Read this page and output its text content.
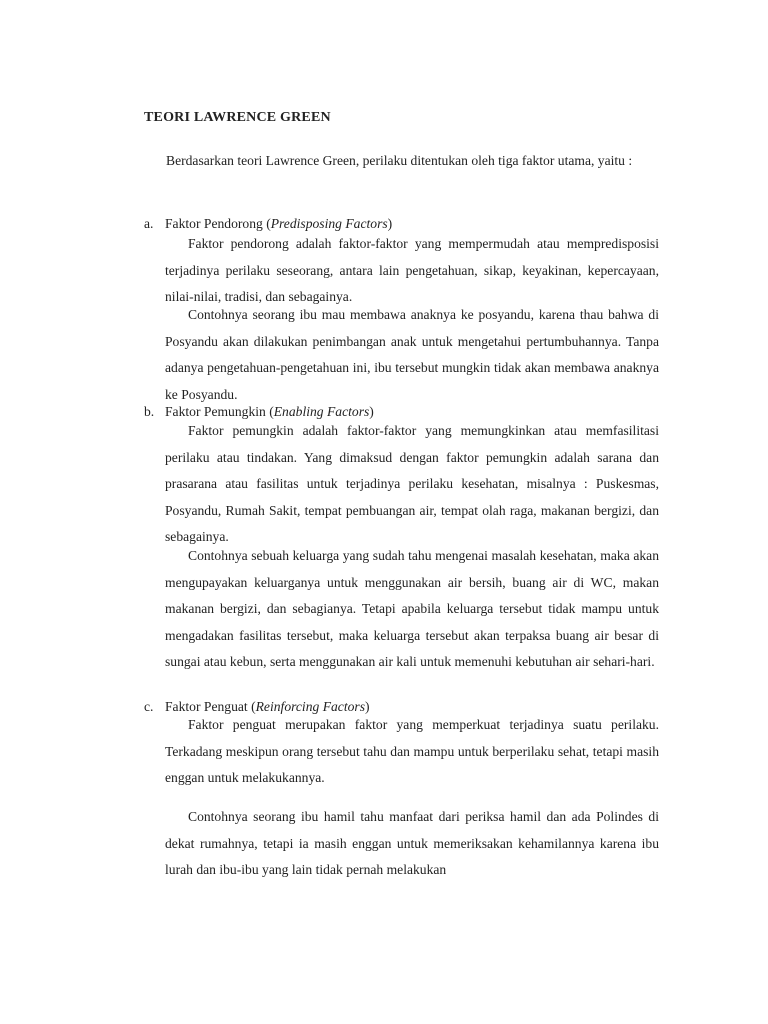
TEORI LAWRENCE GREEN

Berdasarkan teori Lawrence Green, perilaku ditentukan oleh tiga faktor utama, yaitu :

a. Faktor Pendorong (Predisposing Factors)

Faktor pendorong adalah faktor-faktor yang mempermudah atau mempredisposisi terjadinya perilaku seseorang, antara lain pengetahuan, sikap, keyakinan, kepercayaan, nilai-nilai, tradisi, dan sebagainya.

Contohnya seorang ibu mau membawa anaknya ke posyandu, karena thau bahwa di Posyandu akan dilakukan penimbangan anak untuk mengetahui pertumbuhannya. Tanpa adanya pengetahuan-pengetahuan ini, ibu tersebut mungkin tidak akan membawa anaknya ke Posyandu.

b. Faktor Pemungkin (Enabling Factors)

Faktor pemungkin adalah faktor-faktor yang memungkinkan atau memfasilitasi perilaku atau tindakan. Yang dimaksud dengan faktor pemungkin adalah sarana dan prasarana atau fasilitas untuk terjadinya perilaku kesehatan, misalnya : Puskesmas, Posyandu, Rumah Sakit, tempat pembuangan air, tempat olah raga, makanan bergizi, dan sebagainya.

Contohnya sebuah keluarga yang sudah tahu mengenai masalah kesehatan, maka akan mengupayakan keluarganya untuk menggunakan air bersih, buang air di WC, makan makanan bergizi, dan sebagianya. Tetapi apabila keluarga tersebut tidak mampu untuk mengadakan fasilitas tersebut, maka keluarga tersebut akan terpaksa buang air besar di sungai atau kebun, serta menggunakan air kali untuk memenuhi kebutuhan air sehari-hari.

c. Faktor Penguat (Reinforcing Factors)

Faktor penguat merupakan faktor yang memperkuat terjadinya suatu perilaku. Terkadang meskipun orang tersebut tahu dan mampu untuk berperilaku sehat, tetapi masih enggan untuk melakukannya.

Contohnya seorang ibu hamil tahu manfaat dari periksa hamil dan ada Polindes di dekat rumahnya, tetapi ia masih enggan untuk memeriksakan kehamilannya karena ibu lurah dan ibu-ibu yang lain tidak pernah melakukan
